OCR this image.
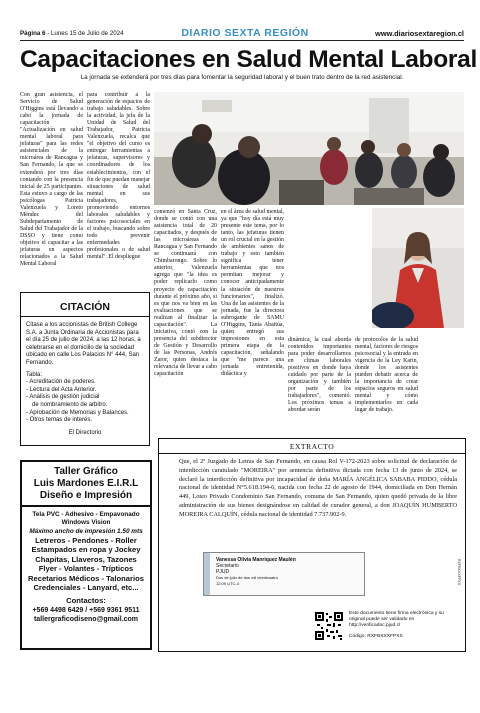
Página 6 - Lunes 15 de Julio de 2024	DIARIO SEXTA REGIÓN	www.diariosextaregion.cl
Capacitaciones en Salud Mental Laboral
La jornada se extenderá por tres días para fomentar la seguridad laboral y el buen trato dentro de la red asistencial.
Con gran asistencia, el Servicio de Salud O'Higgins está llevando a cabo la jornada de capacitación "Actualización en salud mental laboral para jefaturas" para las redes asistenciales de la microárea de Rancagua y San Fernando, la que se extenderá por tres días contando con la presencia inicial de 25 participantes. Esta estuvo a cargo de las psicólogas Patricia Valenzuela y Loreto Méndez del Subdepartamento de Salud del Trabajador de la DSSO y tiene como objetivo el capacitar a las jefaturas en aspectos relacionados a la Salud Mental Laboral
para contribuir a la generación de espacios de trabajo saludables. Sobre la actividad, la jefa de la Unidad de Salud del Trabajador, Patricia Valenzuela, recalca que "el objetivo del curso es entregar herramientas a jefaturas, supervisores y coordinadores de los establecimientos, con el fin de que puedan manejar situaciones de salud mental en sus trabajadores, promoviendo entornos laborales saludables y factores psicosociales en el trabajo, buscando sobre todo prevenir enfermedades profesionales o de salud mental". El despliegue
comenzó en Santa Cruz, donde se contó con una asistencia total de 20 capacitados, y después de las microáreas de Rancagua y San Fernando se continuará con Chimbarongo. Sobre lo anterior, Valenzuela agrega que "la idea es poder replicarlo como proyecto de capacitación durante el próximo año, si es que nos va bien en las evaluaciones que se realizan al finalizar la capacitación". La iniciativa, contó con la presencia del subdirector de Gestión y Desarrollo de las Personas, Andrés Zaror, quien destaca la relevancia de llevar a cabo capacitación
en el área de salud mental, ya que "hoy día está muy presente este tema, por lo tanto, las jefaturas tienen un rol crucial en la gestión de ambientes sanos de trabajo y esto también significa tener herramientas que nos permitan mejorar y conocer anticipadamente la situación de nuestros funcionarios", finalizó. Una de las asistentes de la jornada, fue la directora subrogante de SAMU O'Higgins, Tania Abaitúa, quien entregó sus impresiones en esta primera etapa de la capacitación, señalando que "me parece una jornada entretenida, didáctica y
dinámica, la cual aborda contenidos importantes para poder desarrollarnos en climas laborales positivos en donde haya cuidado por parte de la organización y también por parte de los trabajadores", comentó. Los próximos temas a abordar serán
de protocolos de la salud mental, factores de riesgos psicosocial y la entrada en vigencia de la Ley Karin, donde los asistentes pueden debatir acerca de la importancia de crear espacios seguros en salud mental y cómo implementarlos en cada lugar de trabajo.
CITACIÓN
Citase a los accionistas de British College S.A. a Junta Ordinaria de Accionistas para el día 25 de julio de 2024, a las 12 horas, a celebrarse en el domicilio de la sociedad ubicado en calle Los Palacios N° 444, San Fernando.
Tabla:
- Acreditación de poderes.
- Lectura del Acta Anterior.
- Análisis de gestión judicial
de nombramiento de arbitro.
- Aprobación de Memorias y Balances.
- Otros temas de interés.
El Directorio
Taller Gráfico
Luis Mardones E.I.R.L
Diseño e Impresión
Tela PVC - Adhesivo - Empavonado
Windows Vision
Máximo ancho de impresión 1.50 mts
Letreros - Pendones - Roller
Estampados en ropa y Jockey
Chapitas, Llaveros, Tazones
Flyer - Volantes - Trípticos
Recetarios Médicos - Talonarios
Credenciales - Lanyard, etc...
Contactos:
+569 4498 6429 / +569 9361 9511
tallergraficodiseno@gmail.com
EXTRACTO
Que, el 2º Juzgado de Letras de San Fernando, en causa Rol V-172-2023 sobre solicitud de declaración de interdicción caratulado "MOREIRA" por sentencia definitiva dictada con fecha 13 de junio de 2024, se declaró la interdicción definitiva por incapacidad de doña MARÍA ANGÉLICA SABABA PIDDO, cédula nacional de identidad N°5.618.194-6, nacida con fecha 22 de agosto de 1944, domiciliada en Don Hernán 449, Loteo Privado Condominio San Fernando, comuna de San Fernando, quien quedó privada de la libre administración de sus bienes designándose en calidad de curador general, a don JOAQUÍN HUMBERTO MOREIRA CALQUÍN, cédula nacional de identidad 7.737.902-9.
Vanessa Olivia Manriquez Maulén
Secretario
PJUD
Dos de julio de dos mil veinticuatro
12:09 UTC-4	RXFBXXXFPXS
Este documento tiene firma electrónica y su original puede ser validado en http://verificadoc.pjud.cl
Código: RXFBXXXFPXS
